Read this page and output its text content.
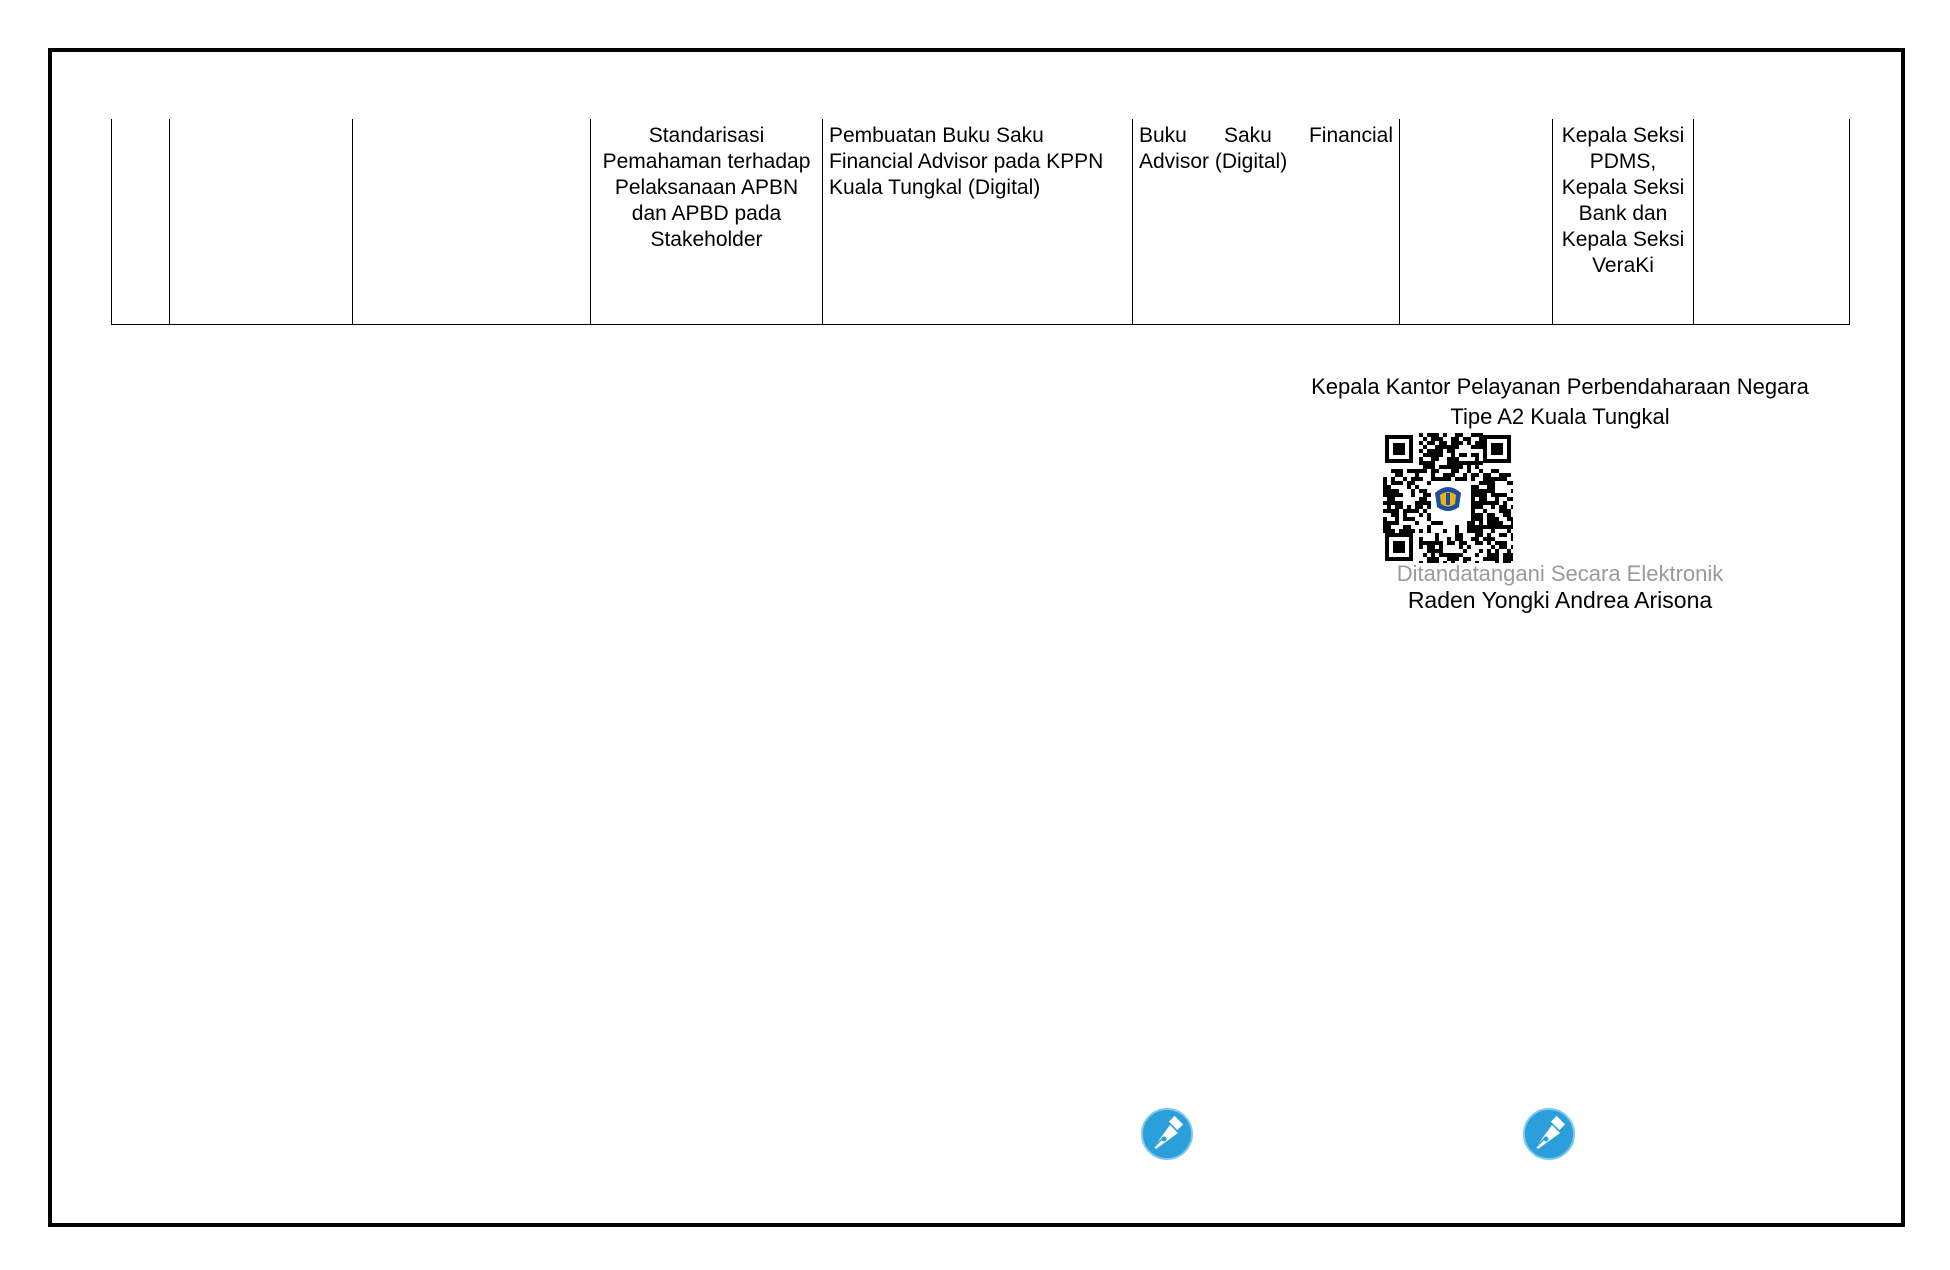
			Standarisasi Pemahaman terhadap Pelaksanaan APBN dan APBD pada Stakeholder	Pembuatan Buku Saku Financial Advisor pada KPPN Kuala Tungkal (Digital)	Buku Saku Financial Advisor (Digital)		Kepala Seksi PDMS, Kepala Seksi Bank dan Kepala Seksi VeraKi	
Kepala Kantor Pelayanan Perbendaharaan Negara
Tipe A2 Kuala Tungkal
Ditandatangani Secara Elektronik
Raden Yongki Andrea Arisona
